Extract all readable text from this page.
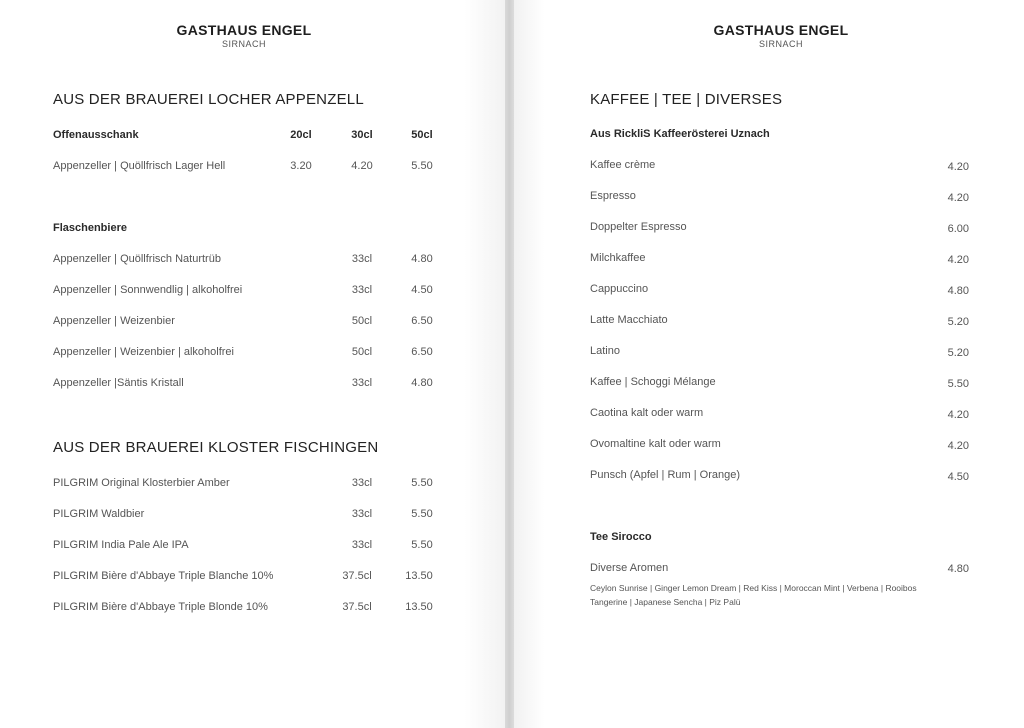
GASTHAUS ENGEL
SIRNACH
AUS DER BRAUEREI LOCHER APPENZELL
Offenausschank	20cl	30cl	50cl
Appenzeller | Quöllfrisch Lager Hell	3.20	4.20	5.50
Flaschenbiere
Appenzeller | Quöllfrisch Naturtrüb	33cl	4.80
Appenzeller | Sonnwendlig | alkoholfrei	33cl	4.50
Appenzeller | Weizenbier	50cl	6.50
Appenzeller | Weizenbier | alkoholfrei	50cl	6.50
Appenzeller |Säntis Kristall	33cl	4.80
AUS DER BRAUEREI KLOSTER FISCHINGEN
PILGRIM Original Klosterbier Amber	33cl	5.50
PILGRIM Waldbier	33cl	5.50
PILGRIM India Pale Ale IPA	33cl	5.50
PILGRIM Bière d'Abbaye Triple Blanche 10%	37.5cl	13.50
PILGRIM Bière d'Abbaye Triple Blonde 10%	37.5cl	13.50
GASTHAUS ENGEL
SIRNACH
KAFFEE | TEE | DIVERSES
Aus RickliS Kaffeerösterei Uznach
Kaffee crème	4.20
Espresso	4.20
Doppelter Espresso	6.00
Milchkaffee	4.20
Cappuccino	4.80
Latte Macchiato	5.20
Latino	5.20
Kaffee | Schoggi Mélange	5.50
Caotina kalt oder warm	4.20
Ovomaltine kalt oder warm	4.20
Punsch (Apfel | Rum | Orange)	4.50
Tee Sirocco
Diverse Aromen	4.80
Ceylon Sunrise | Ginger Lemon Dream | Red Kiss | Moroccan Mint | Verbena | Rooibos Tangerine | Japanese Sencha | Piz Palü
